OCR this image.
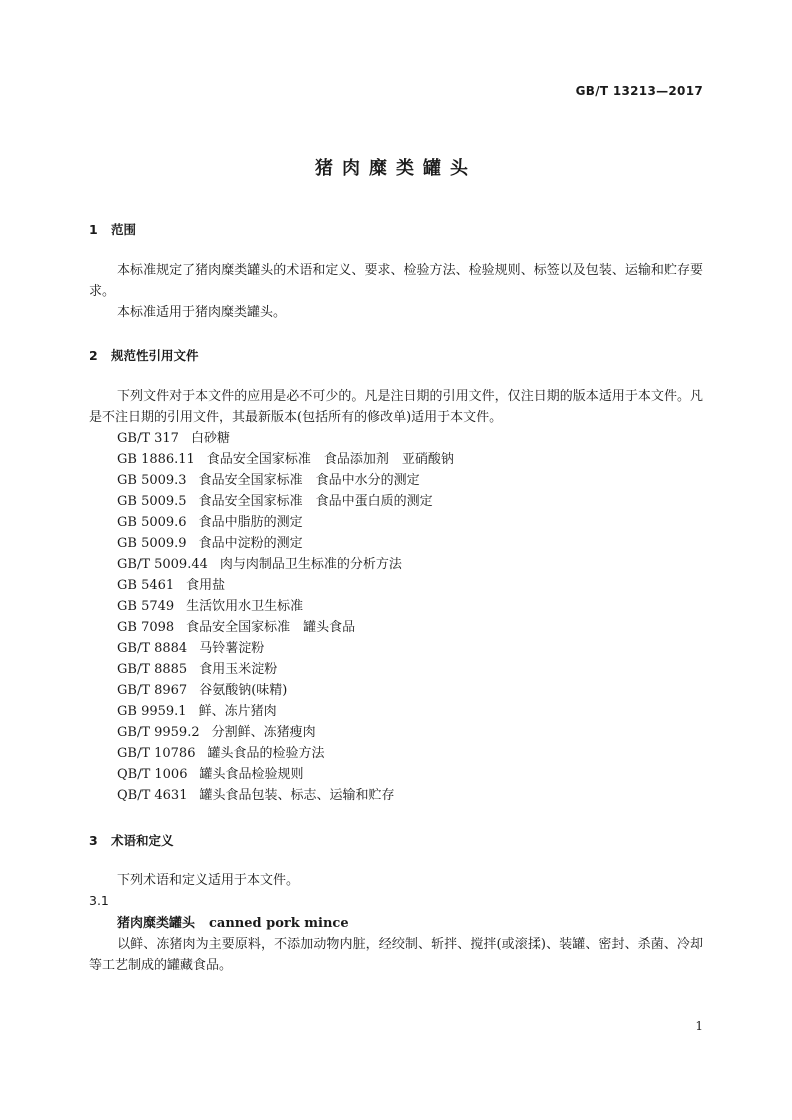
GB/T 13213—2017
猪肉糜类罐头
1 范围
本标准规定了猪肉糜类罐头的术语和定义、要求、检验方法、检验规则、标签以及包装、运输和贮存要求。
本标准适用于猪肉糜类罐头。
2 规范性引用文件
下列文件对于本文件的应用是必不可少的。凡是注日期的引用文件，仅注日期的版本适用于本文件。凡是不注日期的引用文件，其最新版本(包括所有的修改单)适用于本文件。
GB/T 317 白砂糖
GB 1886.11 食品安全国家标准　食品添加剂　亚硝酸钠
GB 5009.3 食品安全国家标准　食品中水分的测定
GB 5009.5 食品安全国家标准　食品中蛋白质的测定
GB 5009.6 食品中脂肪的测定
GB 5009.9 食品中淀粉的测定
GB/T 5009.44 肉与肉制品卫生标准的分析方法
GB 5461 食用盐
GB 5749 生活饮用水卫生标准
GB 7098 食品安全国家标准　罐头食品
GB/T 8884 马铃薯淀粉
GB/T 8885 食用玉米淀粉
GB/T 8967 谷氨酸钠(味精)
GB 9959.1 鲜、冻片猪肉
GB/T 9959.2 分割鲜、冻猪瘦肉
GB/T 10786 罐头食品的检验方法
QB/T 1006 罐头食品检验规则
QB/T 4631 罐头食品包装、标志、运输和贮存
3 术语和定义
下列术语和定义适用于本文件。
3.1
猪肉糜类罐头 canned pork mince
以鲜、冻猪肉为主要原料，不添加动物内脏，经绞制、斩拌、搅拌(或滚揉)、装罐、密封、杀菌、冷却等工艺制成的罐藏食品。
1
